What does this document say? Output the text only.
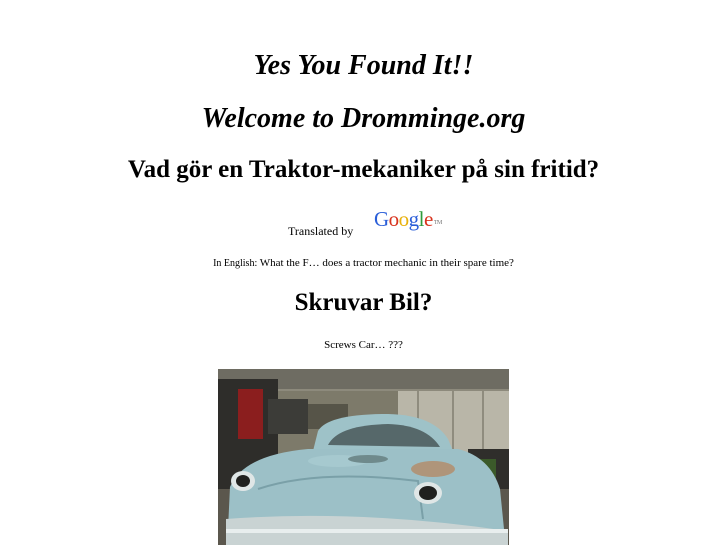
Yes You Found It!!
Welcome to Dromminge.org
Vad gör en Traktor-mekaniker på sin fritid?
Translated by Google™
In English: What the F… does a tractor mechanic in their spare time?
Skruvar Bil?
Screws Car… ???
